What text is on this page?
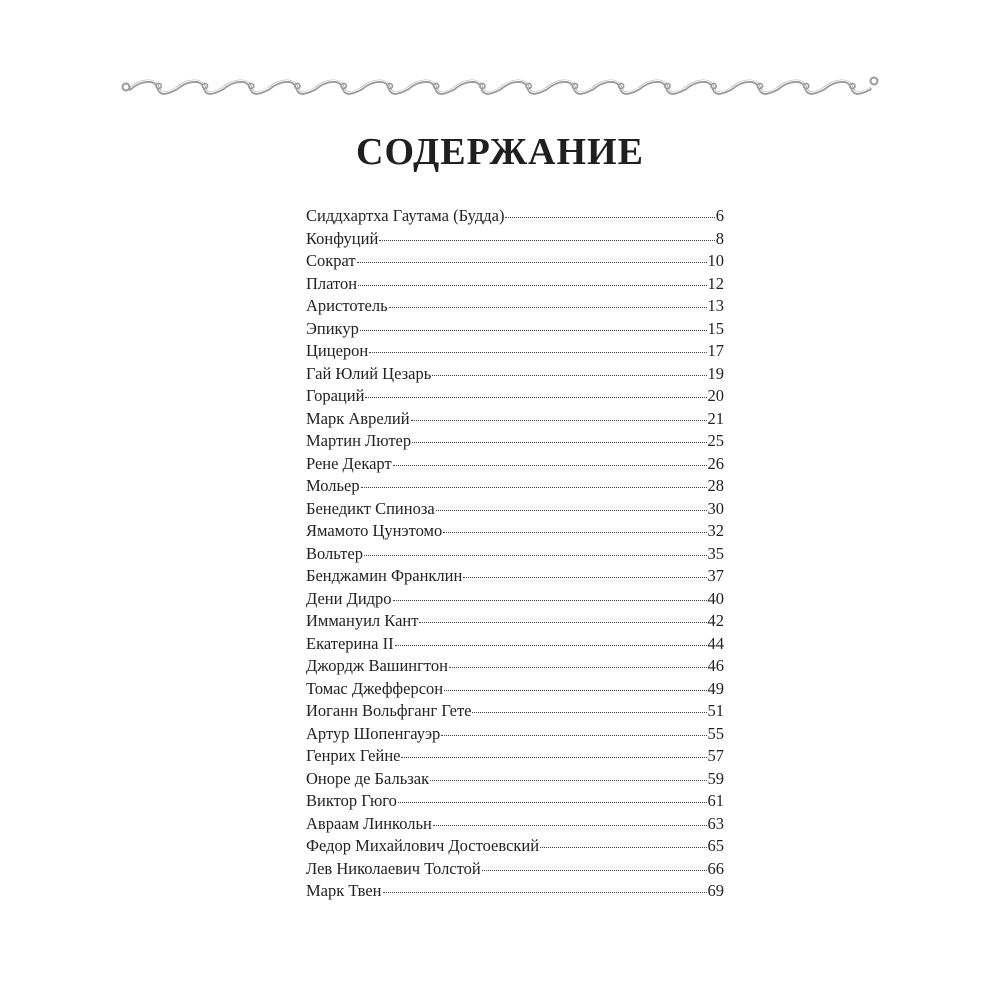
СОДЕРЖАНИЕ
Сиддхартха Гаутама (Будда)	6
Конфуций	8
Сократ	10
Платон	12
Аристотель	13
Эпикур	15
Цицерон	17
Гай Юлий Цезарь	19
Гораций	20
Марк Аврелий	21
Мартин Лютер	25
Рене Декарт	26
Мольер	28
Бенедикт Спиноза	30
Ямамото Цунэтомо	32
Вольтер	35
Бенджамин Франклин	37
Дени Дидро	40
Иммануил Кант	42
Екатерина II	44
Джордж Вашингтон	46
Томас Джефферсон	49
Иоганн Вольфганг Гете	51
Артур Шопенгауэр	55
Генрих Гейне	57
Оноре де Бальзак	59
Виктор Гюго	61
Авраам Линкольн	63
Федор Михайлович Достоевский	65
Лев Николаевич Толстой	66
Марк Твен	69
